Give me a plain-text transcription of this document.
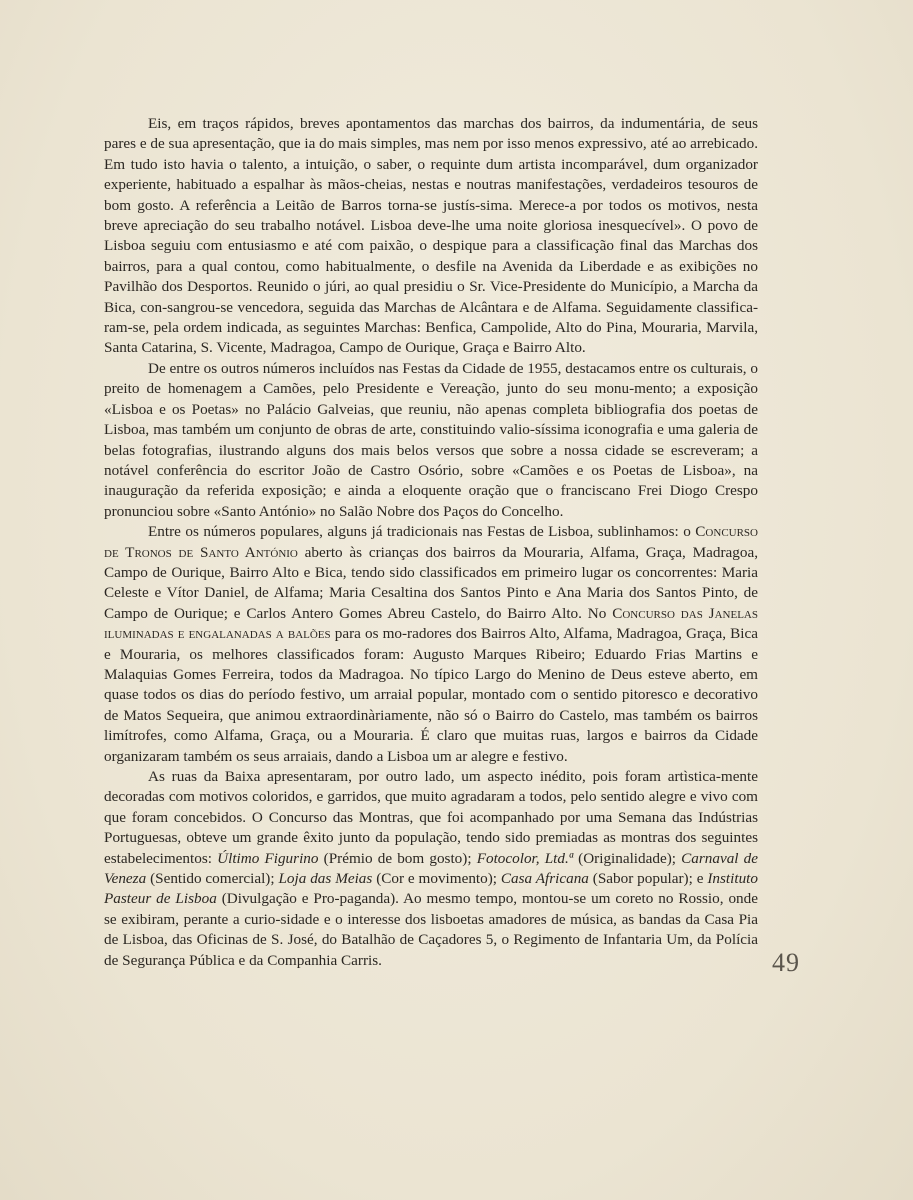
Eis, em traços rápidos, breves apontamentos das marchas dos bairros, da indumentária, de seus pares e de sua apresentação, que ia do mais simples, mas nem por isso menos expressivo, até ao arrebicado. Em tudo isto havia o talento, a intuição, o saber, o requinte dum artista incomparável, dum organizador experiente, habituado a espalhar às mãos-cheias, nestas e noutras manifestações, verdadeiros tesouros de bom gosto. A referência a Leitão de Barros torna-se justís-sima. Merece-a por todos os motivos, nesta breve apreciação do seu trabalho notável. Lisboa deve-lhe uma noite gloriosa inesquecível». O povo de Lisboa seguiu com entusiasmo e até com paixão, o despique para a classificação final das Marchas dos bairros, para a qual contou, como habitualmente, o desfile na Avenida da Liberdade e as exibições no Pavilhão dos Desportos. Reunido o júri, ao qual presidiu o Sr. Vice-Presidente do Município, a Marcha da Bica, con-sangrou-se vencedora, seguida das Marchas de Alcântara e de Alfama. Seguidamente classifica-ram-se, pela ordem indicada, as seguintes Marchas: Benfica, Campolide, Alto do Pina, Mouraria, Marvila, Santa Catarina, S. Vicente, Madragoa, Campo de Ourique, Graça e Bairro Alto.

De entre os outros números incluídos nas Festas da Cidade de 1955, destacamos entre os culturais, o preito de homenagem a Camões, pelo Presidente e Vereação, junto do seu monu-mento; a exposição «Lisboa e os Poetas» no Palácio Galveias, que reuniu, não apenas completa bibliografia dos poetas de Lisboa, mas também um conjunto de obras de arte, constituindo valio-síssima iconografia e uma galeria de belas fotografias, ilustrando alguns dos mais belos versos que sobre a nossa cidade se escreveram; a notável conferência do escritor João de Castro Osório, sobre «Camões e os Poetas de Lisboa», na inauguração da referida exposição; e ainda a eloquente oração que o franciscano Frei Diogo Crespo pronunciou sobre «Santo António» no Salão Nobre dos Paços do Concelho.

Entre os números populares, alguns já tradicionais nas Festas de Lisboa, sublinhamos: o Concurso de Tronos de Santo António aberto às crianças dos bairros da Mouraria, Alfama, Graça, Madragoa, Campo de Ourique, Bairro Alto e Bica, tendo sido classificados em primeiro lugar os concorrentes: Maria Celeste e Vítor Daniel, de Alfama; Maria Cesaltina dos Santos Pinto e Ana Maria dos Santos Pinto, de Campo de Ourique; e Carlos Antero Gomes Abreu Castelo, do Bairro Alto. No Concurso das Janelas iluminadas e engalanadas a balões para os mo-radores dos Bairros Alto, Alfama, Madragoa, Graça, Bica e Mouraria, os melhores classificados foram: Augusto Marques Ribeiro; Eduardo Frias Martins e Malaquias Gomes Ferreira, todos da Madragoa. No típico Largo do Menino de Deus esteve aberto, em quase todos os dias do período festivo, um arraial popular, montado com o sentido pitoresco e decorativo de Matos Sequeira, que animou extraordinàriamente, não só o Bairro do Castelo, mas também os bairros limítrofes, como Alfama, Graça, ou a Mouraria. É claro que muitas ruas, largos e bairros da Cidade organizaram também os seus arraiais, dando a Lisboa um ar alegre e festivo.

As ruas da Baixa apresentaram, por outro lado, um aspecto inédito, pois foram artìstica-mente decoradas com motivos coloridos, e garridos, que muito agradaram a todos, pelo sentido alegre e vivo com que foram concebidos. O Concurso das Montras, que foi acompanhado por uma Semana das Indústrias Portuguesas, obteve um grande êxito junto da população, tendo sido premiadas as montras dos seguintes estabelecimentos: Último Figurino (Prémio de bom gosto); Fotocolor, Ltd.ª (Originalidade); Carnaval de Veneza (Sentido comercial); Loja das Meias (Cor e movimento); Casa Africana (Sabor popular); e Instituto Pasteur de Lisboa (Divulgação e Pro-paganda). Ao mesmo tempo, montou-se um coreto no Rossio, onde se exibiram, perante a curio-sidade e o interesse dos lisboetas amadores de música, as bandas da Casa Pia de Lisboa, das Oficinas de S. José, do Batalhão de Caçadores 5, o Regimento de Infantaria Um, da Polícia de Segurança Pública e da Companhia Carris.	49
